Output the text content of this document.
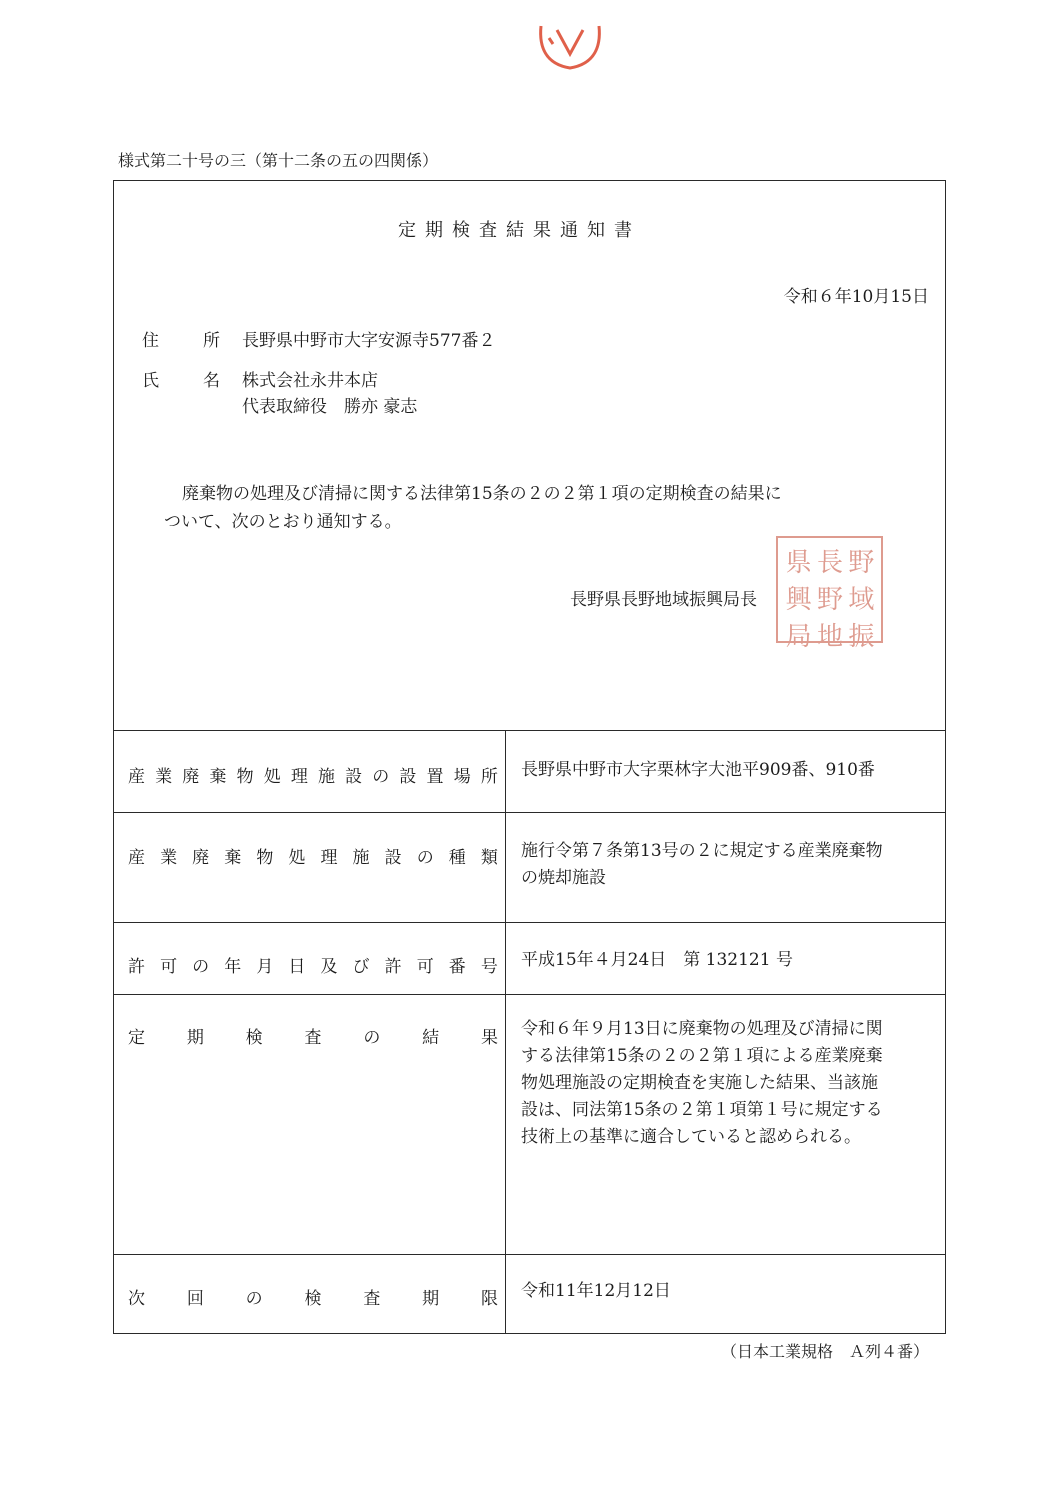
様式第二十号の三（第十二条の五の四関係）
定期検査結果通知書
令和６年10月15日
住	所 長野県中野市大字安源寺577番２
氏	名 株式会社永井本店
代表取締役　勝亦 豪志
廃棄物の処理及び清掃に関する法律第15条の２の２第１項の定期検査の結果に
ついて、次のとおり通知する。
長野県長野地域振興局長
県 長 野
興 野 域
局 地 振
産 業 廃 棄 物 処 理 施 設 の 設 置 場 所 長野県中野市大字栗林字大池平909番、910番
産 業 廃 棄 物 処 理 施 設 の 種 類 施行令第７条第13号の２に規定する産業廃棄物
の焼却施設
許 可 の 年 月 日 及 び 許 可 番 号 平成15年４月24日　第 132121 号
定 期 検 査 の 結 果 令和６年９月13日に廃棄物の処理及び清掃に関
する法律第15条の２の２第１項による産業廃棄
物処理施設の定期検査を実施した結果、当該施
設は、同法第15条の２第１項第１号に規定する
技術上の基準に適合していると認められる。
次 回 の 検 査 期 限 令和11年12月12日
（日本工業規格　Ａ列４番）
